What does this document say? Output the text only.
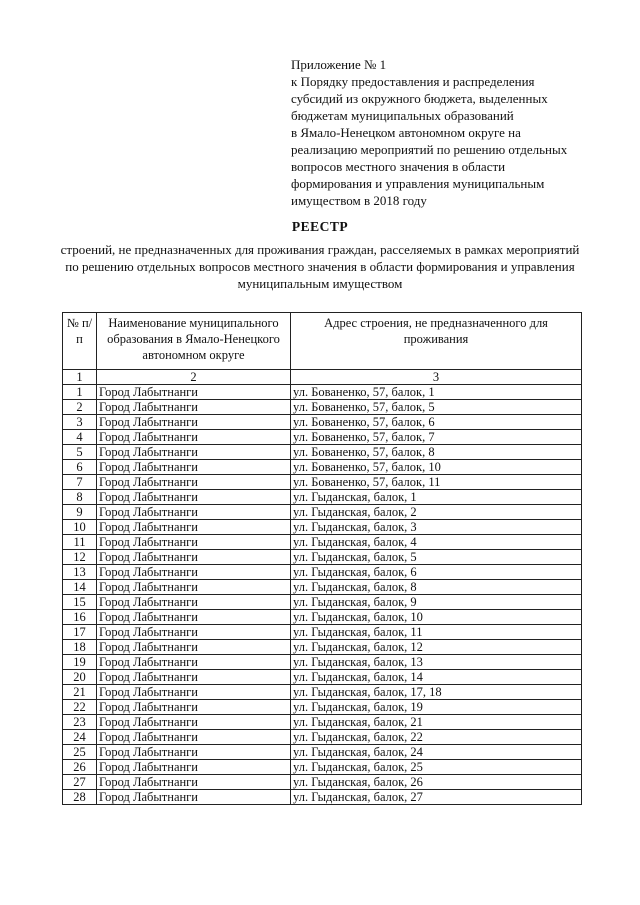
Приложение № 1
к Порядку предоставления и распределения
субсидий из окружного бюджета, выделенных
бюджетам муниципальных образований
в Ямало-Ненецком автономном округе на
реализацию мероприятий по решению отдельных
вопросов местного значения в области
формирования и управления муниципальным
имуществом в 2018 году
РЕЕСТР
строений, не предназначенных для проживания граждан, расселяемых в рамках мероприятий
по решению отдельных вопросов местного значения в области формирования и управления
муниципальным имуществом
№ п/п	Наименование муниципального образования в Ямало-Ненецкого автономном округе	Адрес строения, не предназначенного для проживания
1	2	3
1	Город Лабытнанги	ул. Бованенко, 57, балок, 1
2	Город Лабытнанги	ул. Бованенко, 57, балок, 5
3	Город Лабытнанги	ул. Бованенко, 57, балок, 6
4	Город Лабытнанги	ул. Бованенко, 57, балок, 7
5	Город Лабытнанги	ул. Бованенко, 57, балок, 8
6	Город Лабытнанги	ул. Бованенко, 57, балок, 10
7	Город Лабытнанги	ул. Бованенко, 57, балок, 11
8	Город Лабытнанги	ул. Гыданская, балок, 1
9	Город Лабытнанги	ул. Гыданская, балок, 2
10	Город Лабытнанги	ул. Гыданская, балок, 3
11	Город Лабытнанги	ул. Гыданская, балок, 4
12	Город Лабытнанги	ул. Гыданская, балок, 5
13	Город Лабытнанги	ул. Гыданская, балок, 6
14	Город Лабытнанги	ул. Гыданская, балок, 8
15	Город Лабытнанги	ул. Гыданская, балок, 9
16	Город Лабытнанги	ул. Гыданская, балок, 10
17	Город Лабытнанги	ул. Гыданская, балок, 11
18	Город Лабытнанги	ул. Гыданская, балок, 12
19	Город Лабытнанги	ул. Гыданская, балок, 13
20	Город Лабытнанги	ул. Гыданская, балок, 14
21	Город Лабытнанги	ул. Гыданская, балок, 17, 18
22	Город Лабытнанги	ул. Гыданская, балок, 19
23	Город Лабытнанги	ул. Гыданская, балок, 21
24	Город Лабытнанги	ул. Гыданская, балок, 22
25	Город Лабытнанги	ул. Гыданская, балок, 24
26	Город Лабытнанги	ул. Гыданская, балок, 25
27	Город Лабытнанги	ул. Гыданская, балок, 26
28	Город Лабытнанги	ул. Гыданская, балок, 27
